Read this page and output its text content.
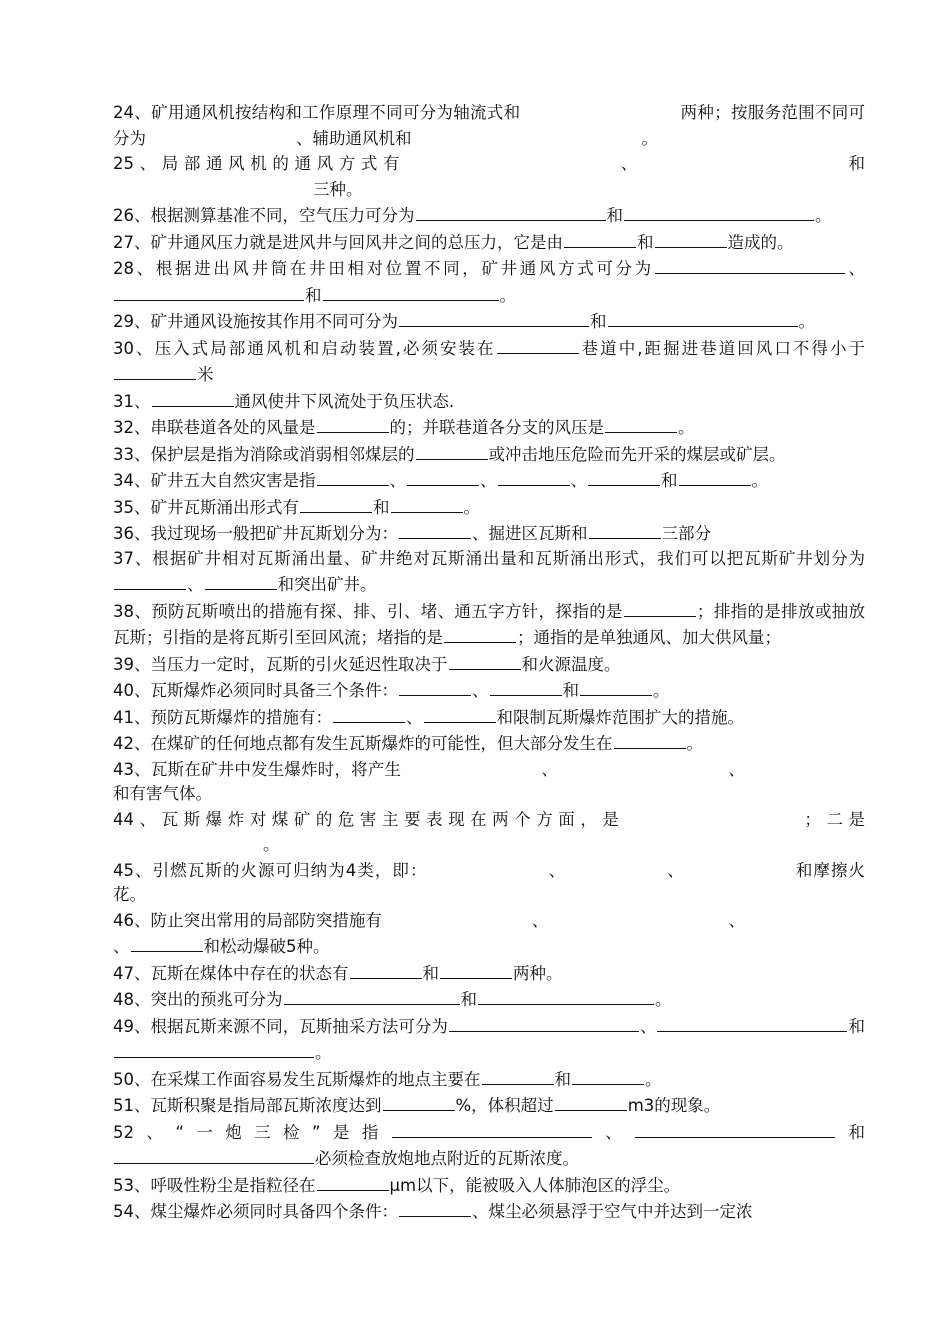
24、矿用通风机按结构和工作原理不同可分为轴流式和	两种；按服务范围不同可分为	、辅助通风机和	。

25、局部通风机的通风方式有	、	和三种。

26、根据测算基准不同，空气压力可分为	和	。

27、矿井通风压力就是进风井与回风井之间的总压力，它是由	和	造成的。

28、根据进出风井筒在井田相对位置不同，矿井通风方式可分为	、和	。

29、矿井通风设施按其作用不同可分为	和	。

30、压入式局部通风机和启动装置,必须安装在	巷道中,距掘进巷道回风口不得小于米

31、	通风使井下风流处于负压状态.

32、串联巷道各处的风量是	的；并联巷道各分支的风压是	。

33、保护层是指为消除或消弱相邻煤层的	或冲击地压危险而先开采的煤层或矿层。

34、矿井五大自然灾害是指	、	、	、	和	。

35、矿井瓦斯涌出形式有	和	。

36、我过现场一般把矿井瓦斯划分为：	、掘进区瓦斯和	三部分

37、根据矿井相对瓦斯涌出量、矿井绝对瓦斯涌出量和瓦斯涌出形式，我们可以把瓦斯矿井划分为、	和突出矿井。

38、预防瓦斯喷出的措施有探、排、引、堵、通五字方针，探指的是	；排指的是排放或抽放瓦斯；引指的是将瓦斯引至回风流；堵指的是	；通指的是单独通风、加大供风量；

39、当压力一定时，瓦斯的引火延迟性取决于	和火源温度。

40、瓦斯爆炸必须同时具备三个条件：	、	和	。

41、预防瓦斯爆炸的措施有：	、	和限制瓦斯爆炸范围扩大的措施。

42、在煤矿的任何地点都有发生瓦斯爆炸的可能性，但大部分发生在	。

43、瓦斯在矿井中发生爆炸时，将产生	、	、和有害气体。

44、瓦斯爆炸对煤矿的危害主要表现在两个方面，是	；二是。

45、引燃瓦斯的火源可归纳为4类，即：	、	、	和摩擦火花。

46、防止突出常用的局部防突措施有	、	、、	和松动爆破5种。

47、瓦斯在煤体中存在的状态有	和	两种。

48、突出的预兆可分为	和	。

49、根据瓦斯来源不同，瓦斯抽采方法可分为	、	和。

50、在采煤工作面容易发生瓦斯爆炸的地点主要在	和	。

51、瓦斯积聚是指局部瓦斯浓度达到	%，体积超过	m3的现象。

52、“一炮三检”是指	、	和必须检查放炮地点附近的瓦斯浓度。

53、呼吸性粉尘是指粒径在	μm以下，能被吸入人体肺泡区的浮尘。

54、煤尘爆炸必须同时具备四个条件：	、煤尘必须悬浮于空气中并达到一定浓
